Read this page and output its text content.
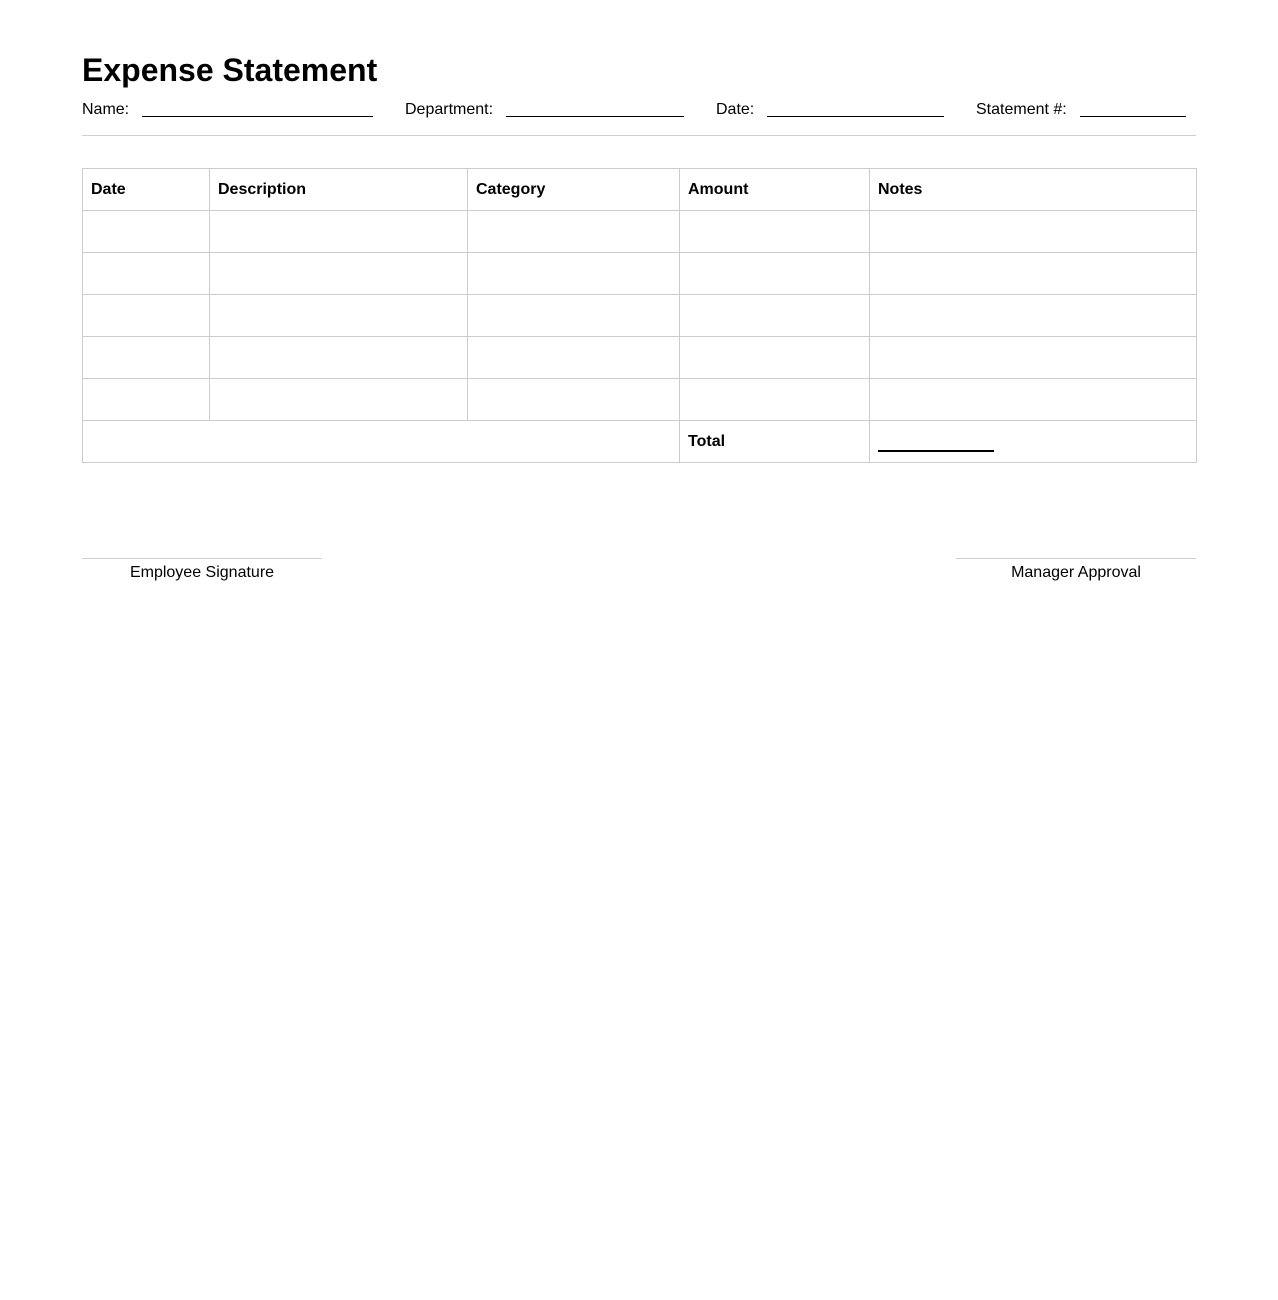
Expense Statement
Name:	Department:	Date:	Statement #:
Date	Description	Category	Amount	Notes

			Total	
Employee Signature	Manager Approval
